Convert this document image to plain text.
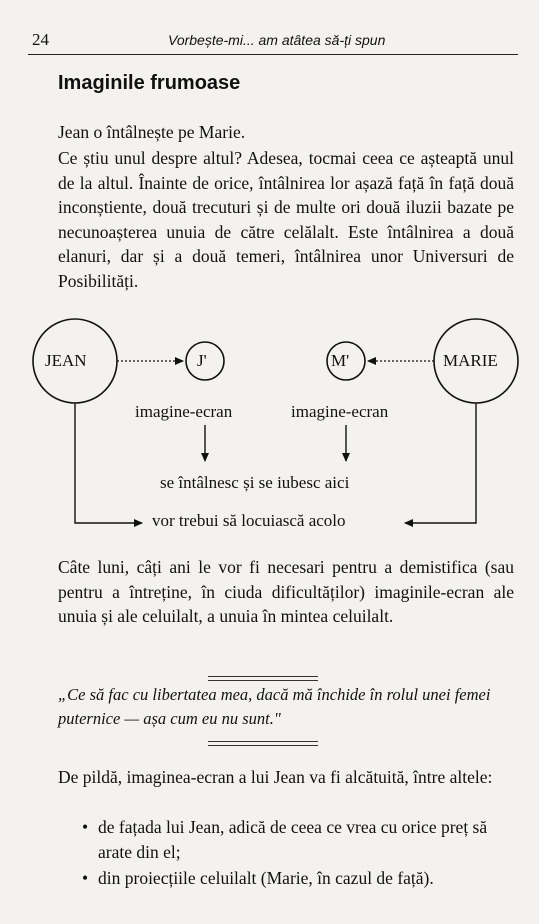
24	Vorbește-mi... am atâtea să-ți spun
Imaginile frumoase

Jean o întâlnește pe Marie.

Ce știu unul despre altul? Adesea, tocmai ceea ce așteaptă unul de la altul. Înainte de orice, întâlnirea lor așază față în față două inconștiente, două trecuturi și de multe ori două iluzii bazate pe necunoașterea unuia de către celălalt. Este întâlnirea a două elanuri, dar și a două temeri, întâlnirea unor Universuri de Posibilități.

JEAN	J'	M'	MARIE
imagine-ecran	imagine-ecran
se întâlnesc și se iubesc aici
vor trebui să locuiască acolo

Câte luni, câți ani le vor fi necesari pentru a demistifica (sau pentru a întreține, în ciuda dificultăților) imaginile-ecran ale unuia și ale celuilalt, a unuia în mintea celuilalt.

„Ce să fac cu libertatea mea, dacă mă închide în rolul unei femei puternice — așa cum eu nu sunt."

De pildă, imaginea-ecran a lui Jean va fi alcătuită, între altele:

• de fațada lui Jean, adică de ceea ce vrea cu orice preț să arate din el;
• din proiecțiile celuilalt (Marie, în cazul de față).
